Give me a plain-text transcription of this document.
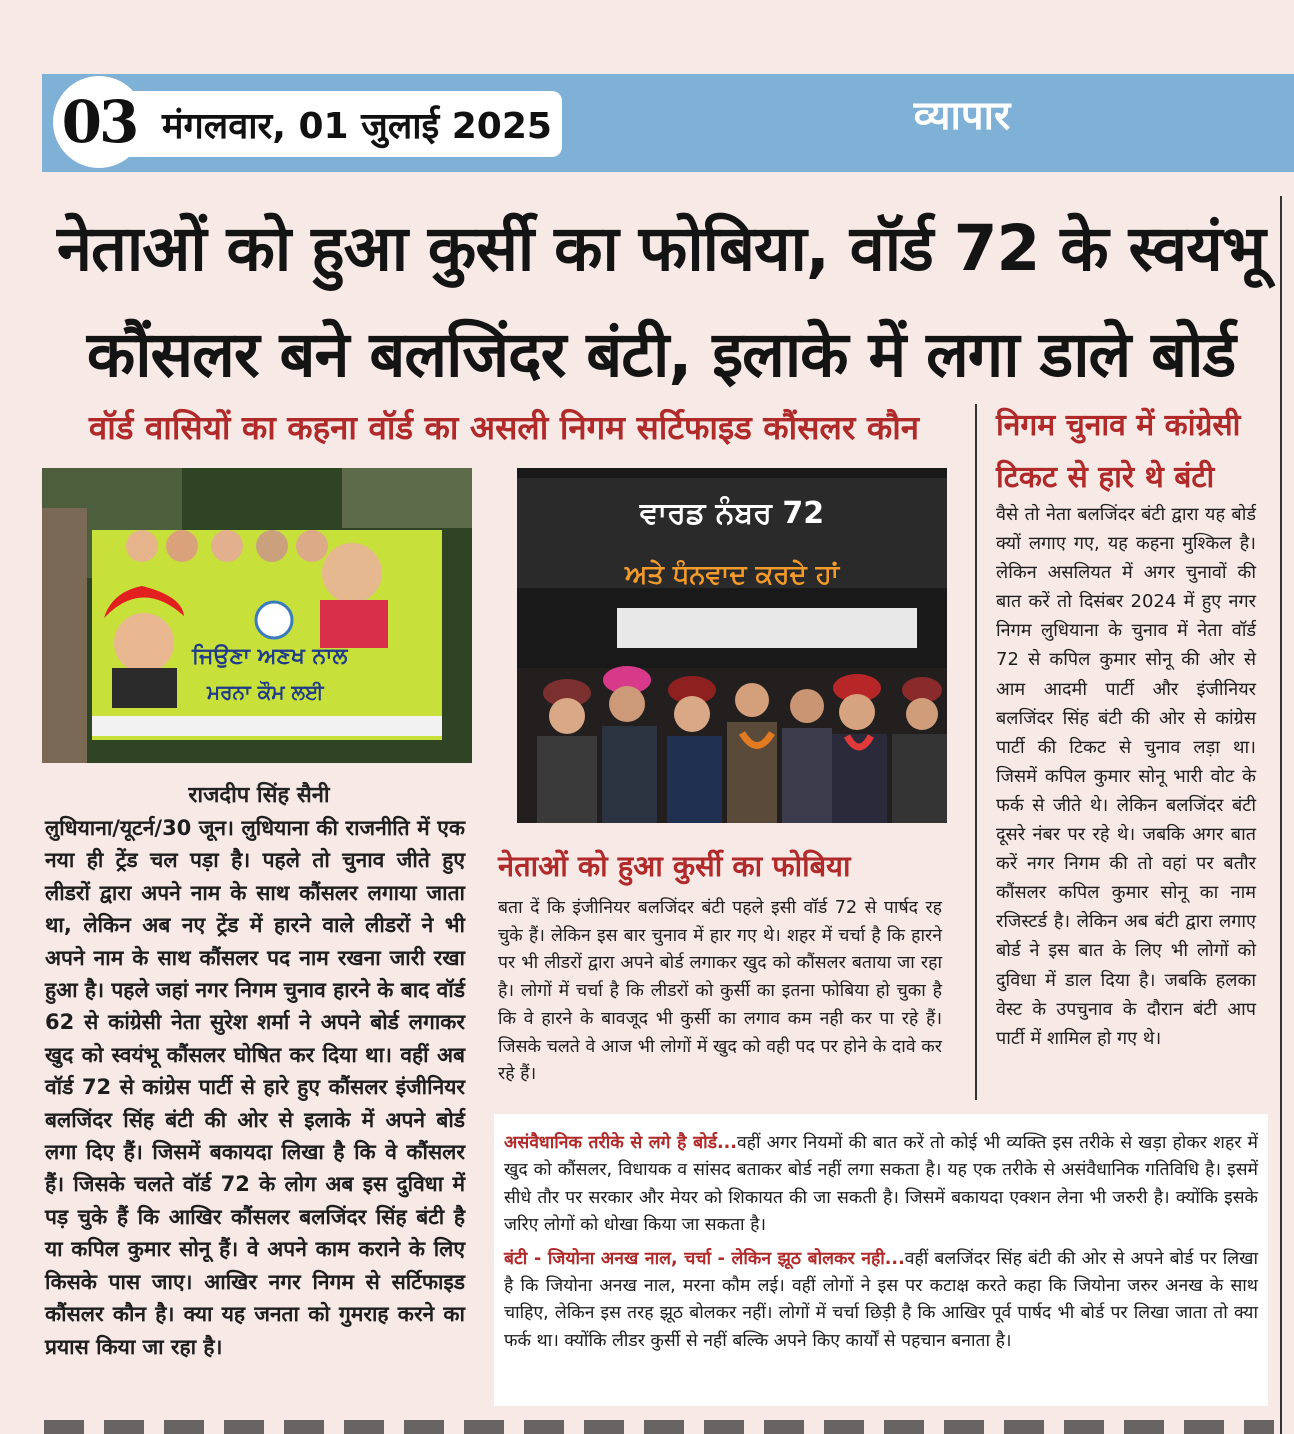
03 मंगलवार, 01 जुलाई 2025	व्यापार
नेताओं को हुआ कुर्सी का फोबिया, वॉर्ड 72 के स्वयंभू
कौंसलर बने बलजिंदर बंटी, इलाके में लगा डाले बोर्ड
वॉर्ड वासियों का कहना वॉर्ड का असली निगम सर्टिफाइड कौंसलर कौन	निगम चुनाव में कांग्रेसी
टिकट से हारे थे बंटी
ਜਿਉਣਾ ਅਣਖ ਨਾਲ
ਮਰਨਾ ਕੌਮ ਲਈ
ਵਾਰਡ ਨੰਬਰ 72
ਅਤੇ ਧੰਨਵਾਦ ਕਰਦੇ ਹਾਂ
राजदीप सिंह सैनी

लुधियाना/यूटर्न/30 जून। लुधियाना की राजनीति में एक नया ही ट्रेंड चल पड़ा है। पहले तो चुनाव जीते हुए लीडरों द्वारा अपने नाम के साथ कौंसलर लगाया जाता था, लेकिन अब नए ट्रेंड में हारने वाले लीडरों ने भी अपने नाम के साथ कौंसलर पद नाम रखना जारी रखा हुआ है। पहले जहां नगर निगम चुनाव हारने के बाद वॉर्ड 62 से कांग्रेसी नेता सुरेश शर्मा ने अपने बोर्ड लगाकर खुद को स्वयंभू कौंसलर घोषित कर दिया था। वहीं अब वॉर्ड 72 से कांग्रेस पार्टी से हारे हुए कौंसलर इंजीनियर बलजिंदर सिंह बंटी की ओर से इलाके में अपने बोर्ड लगा दिए हैं। जिसमें बकायदा लिखा है कि वे कौंसलर हैं। जिसके चलते वॉर्ड 72 के लोग अब इस दुविधा में पड़ चुके हैं कि आखिर कौंसलर बलजिंदर सिंह बंटी है या कपिल कुमार सोनू हैं। वे अपने काम कराने के लिए किसके पास जाए। आखिर नगर निगम से सर्टिफाइड कौंसलर कौन है। क्या यह जनता को गुमराह करने का प्रयास किया जा रहा है।

नेताओं को हुआ कुर्सी का फोबिया

बता दें कि इंजीनियर बलजिंदर बंटी पहले इसी वॉर्ड 72 से पार्षद रह चुके हैं। लेकिन इस बार चुनाव में हार गए थे। शहर में चर्चा है कि हारने पर भी लीडरों द्वारा अपने बोर्ड लगाकर खुद को कौंसलर बताया जा रहा है। लोगों में चर्चा है कि लीडरों को कुर्सी का इतना फोबिया हो चुका है कि वे हारने के बावजूद भी कुर्सी का लगाव कम नही कर पा रहे हैं। जिसके चलते वे आज भी लोगों में खुद को वही पद पर होने के दावे कर रहे हैं।

वैसे तो नेता बलजिंदर बंटी द्वारा यह बोर्ड क्यों लगाए गए, यह कहना मुश्किल है। लेकिन असलियत में अगर चुनावों की बात करें तो दिसंबर 2024 में हुए नगर निगम लुधियाना के चुनाव में नेता वॉर्ड 72 से कपिल कुमार सोनू की ओर से आम आदमी पार्टी और इंजीनियर बलजिंदर सिंह बंटी की ओर से कांग्रेस पार्टी की टिकट से चुनाव लड़ा था। जिसमें कपिल कुमार सोनू भारी वोट के फर्क से जीते थे। लेकिन बलजिंदर बंटी दूसरे नंबर पर रहे थे। जबकि अगर बात करें नगर निगम की तो वहां पर बतौर कौंसलर कपिल कुमार सोनू का नाम रजिस्टर्ड है। लेकिन अब बंटी द्वारा लगाए बोर्ड ने इस बात के लिए भी लोगों को दुविधा में डाल दिया है। जबकि हलका वेस्ट के उपचुनाव के दौरान बंटी आप पार्टी में शामिल हो गए थे।

असंवैधानिक तरीके से लगे है बोर्ड...वहीं अगर नियमों की बात करें तो कोई भी व्यक्ति इस तरीके से खड़ा होकर शहर में खुद को कौंसलर, विधायक व सांसद बताकर बोर्ड नहीं लगा सकता है। यह एक तरीके से असंवैधानिक गतिविधि है। इसमें सीधे तौर पर सरकार और मेयर को शिकायत की जा सकती है। जिसमें बकायदा एक्शन लेना भी जरुरी है। क्योंकि इसके जरिए लोगों को धोखा किया जा सकता है।

बंटी - जियोना अनख नाल, चर्चा - लेकिन झूठ बोलकर नही...वहीं बलजिंदर सिंह बंटी की ओर से अपने बोर्ड पर लिखा है कि जियोना अनख नाल, मरना कौम लई। वहीं लोगों ने इस पर कटाक्ष करते कहा कि जियोना जरुर अनख के साथ चाहिए, लेकिन इस तरह झूठ बोलकर नहीं। लोगों में चर्चा छिड़ी है कि आखिर पूर्व पार्षद भी बोर्ड पर लिखा जाता तो क्या फर्क था। क्योंकि लीडर कुर्सी से नहीं बल्कि अपने किए कार्यों से पहचान बनाता है।
